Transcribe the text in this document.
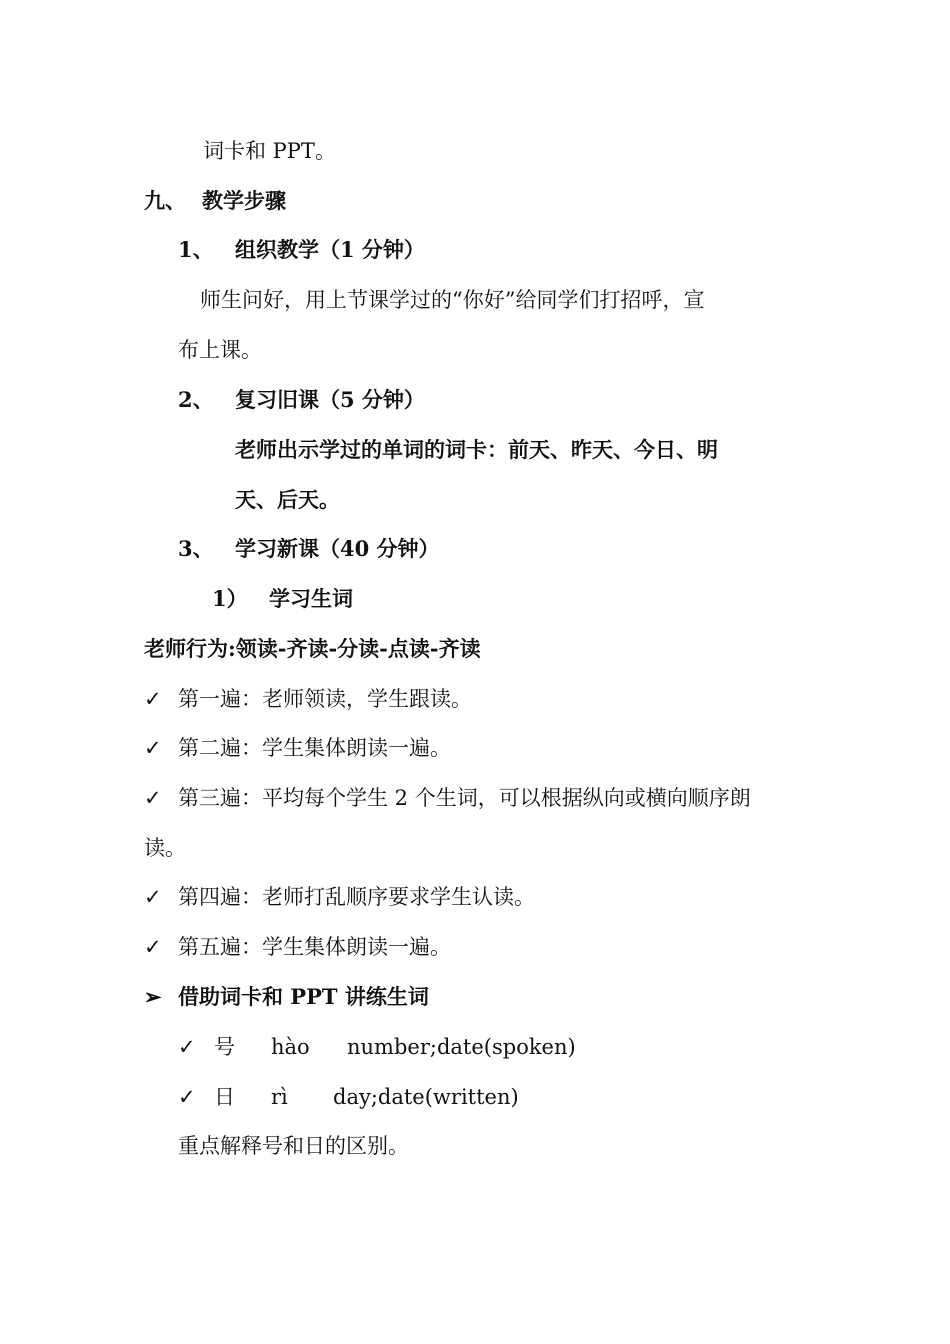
词卡和 PPT。
九、 教学步骤
1、 组织教学（1 分钟）
师生问好，用上节课学过的“你好”给同学们打招呼，宣
布上课。
2、 复习旧课（5 分钟）
老师出示学过的单词的词卡：前天、昨天、今日、明
天、后天。
3、 学习新课（40 分钟）
1） 学习生词
老师行为:领读-齐读-分读-点读-齐读
✓ 第一遍：老师领读，学生跟读。
✓ 第二遍：学生集体朗读一遍。
✓ 第三遍：平均每个学生 2 个生词，可以根据纵向或横向顺序朗
读。
✓ 第四遍：老师打乱顺序要求学生认读。
✓ 第五遍：学生集体朗读一遍。
➢ 借助词卡和 PPT 讲练生词
✓ 号 hào number;date(spoken)
✓ 日 rì day;date(written)
重点解释号和日的区别。
